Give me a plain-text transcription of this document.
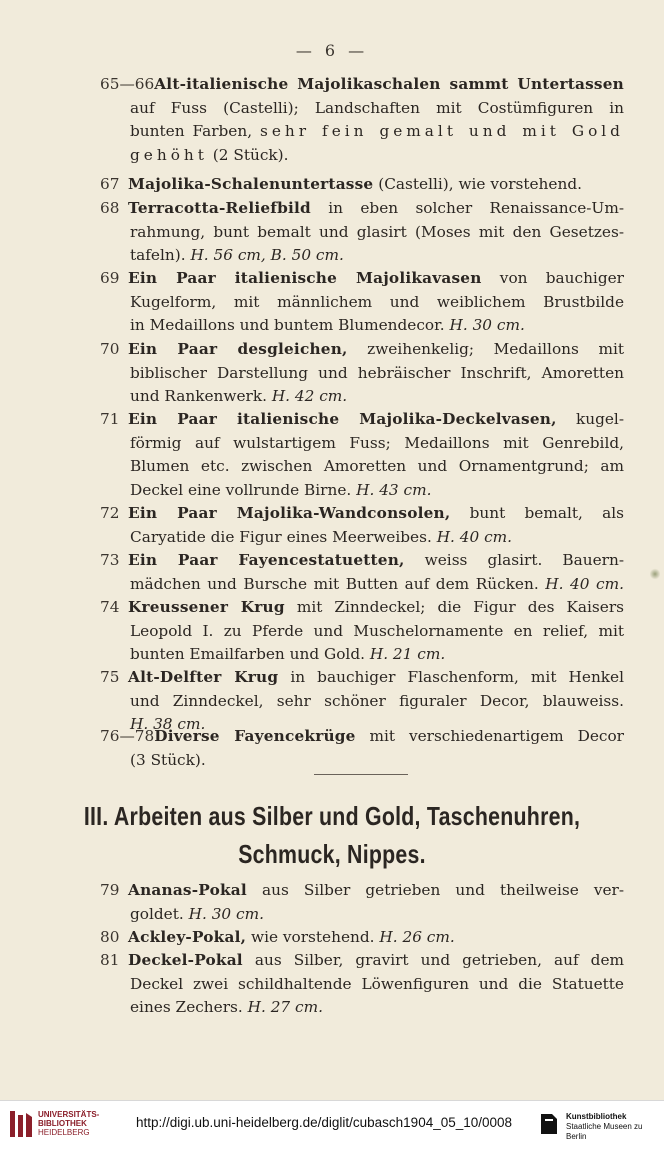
— 6 —
65—66Alt-italienische Majolikaschalen sammt Untertassen
auf Fuss (Castelli); Landschaften mit Costümfiguren in
bunten Farben, sehr fein gemalt und mit Gold
gehöht (2 Stück).
67 Majolika-Schalenuntertasse (Castelli), wie vorstehend.
68 Terracotta-Reliefbild in eben solcher Renaissance-Um-
rahmung, bunt bemalt und glasirt (Moses mit den Gesetzes-
tafeln). H. 56 cm, B. 50 cm.
69 Ein Paar italienische Majolikavasen von bauchiger
Kugelform, mit männlichem und weiblichem Brustbilde
in Medaillons und buntem Blumendecor. H. 30 cm.
70 Ein Paar desgleichen, zweihenkelig; Medaillons mit
biblischer Darstellung und hebräischer Inschrift, Amoretten
und Rankenwerk. H. 42 cm.
71 Ein Paar italienische Majolika-Deckelvasen, kugel-
förmig auf wulstartigem Fuss; Medaillons mit Genrebild,
Blumen etc. zwischen Amoretten und Ornamentgrund; am
Deckel eine vollrunde Birne. H. 43 cm.
72 Ein Paar Majolika-Wandconsolen, bunt bemalt, als
Caryatide die Figur eines Meerweibes. H. 40 cm.
73 Ein Paar Fayencestatuetten, weiss glasirt. Bauern-
mädchen und Bursche mit Butten auf dem Rücken. H. 40 cm.
74 Kreussener Krug mit Zinndeckel; die Figur des Kaisers
Leopold I. zu Pferde und Muschelornamente en relief, mit
bunten Emailfarben und Gold. H. 21 cm.
75 Alt-Delfter Krug in bauchiger Flaschenform, mit Henkel
und Zinndeckel, sehr schöner figuraler Decor, blauweiss.
H. 38 cm.
76—78Diverse Fayencekrüge mit verschiedenartigem Decor
(3 Stück).
III. Arbeiten aus Silber und Gold, Taschenuhren,
Schmuck, Nippes.
79 Ananas-Pokal aus Silber getrieben und theilweise ver-
goldet. H. 30 cm.
80 Ackley-Pokal, wie vorstehend. H. 26 cm.
81 Deckel-Pokal aus Silber, gravirt und getrieben, auf dem
Deckel zwei schildhaltende Löwenfiguren und die Statuette
eines Zechers. H. 27 cm.
UNIVERSITÄTS-
BIBLIOTHEK
HEIDELBERG
http://digi.ub.uni-heidelberg.de/diglit/cubasch1904_05_10/0008	Kunstbibliothek
Staatliche Museen zu Berlin
